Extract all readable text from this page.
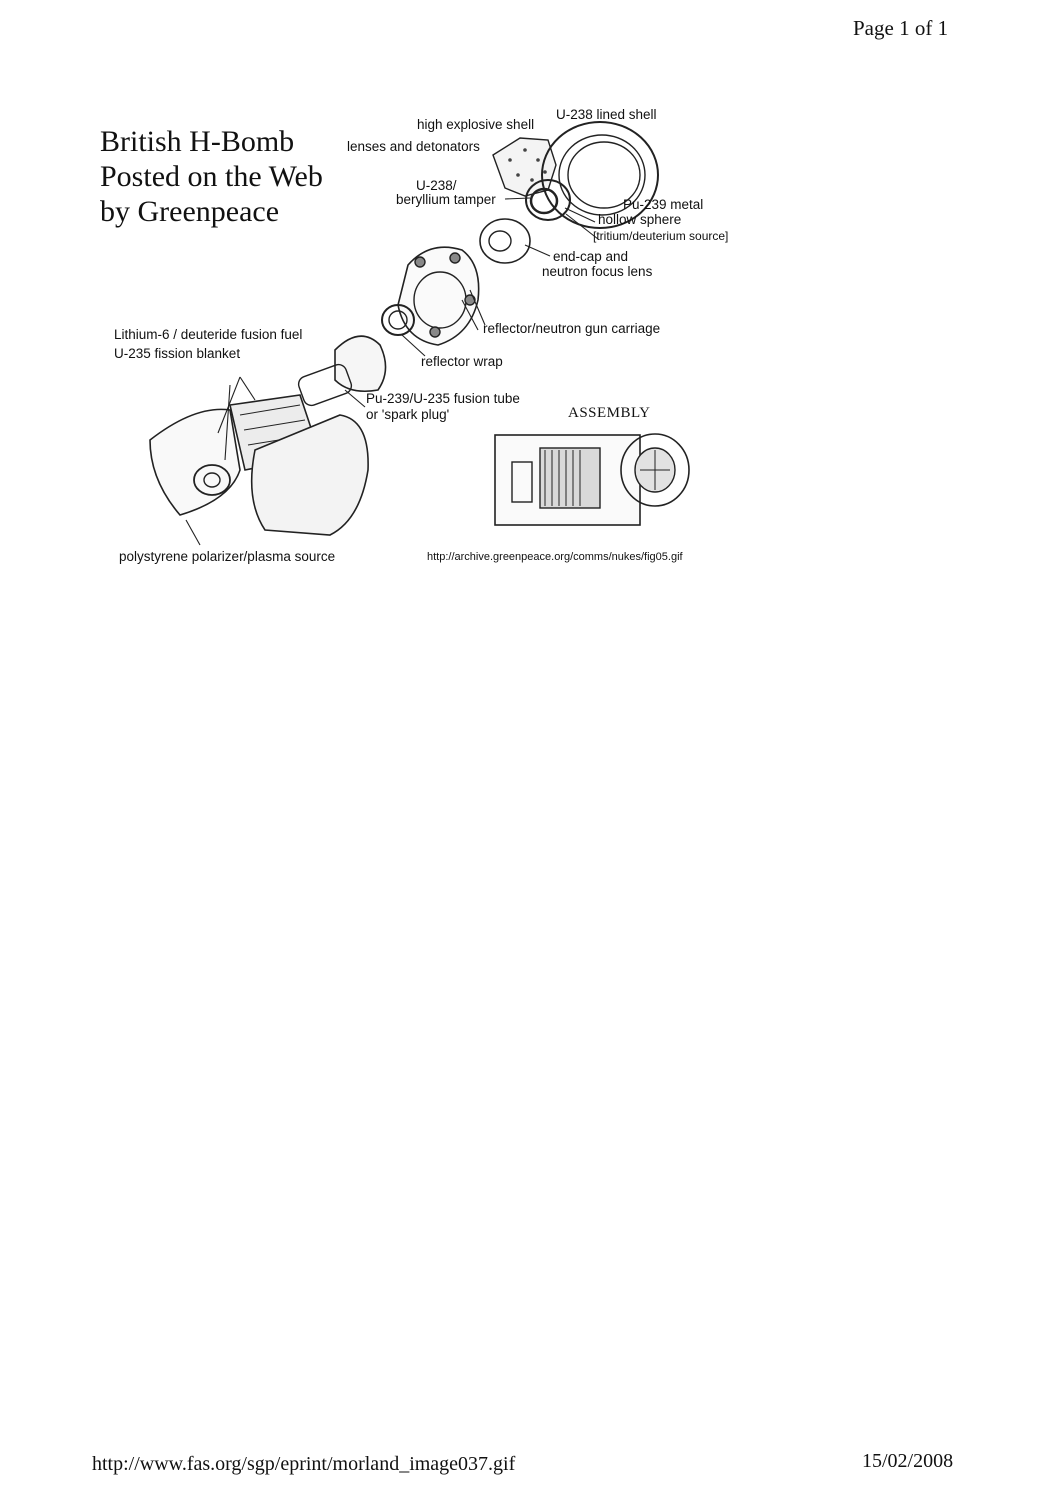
Page 1 of 1
British H-Bomb
Posted on the Web
by Greenpeace
high explosive shell
lenses and detonators
U-238 lined shell
U-238/
beryllium tamper	Pu-239 metal
hollow sphere
[tritium/deuterium source]
end-cap and
neutron focus lens
reflector/neutron gun carriage
reflector wrap
Lithium-6 / deuteride fusion fuel
U-235 fission blanket
Pu-239/U-235 fusion tube
or 'spark plug'	ASSEMBLY
polystyrene polarizer/plasma source	http://archive.greenpeace.org/comms/nukes/fig05.gif
http://www.fas.org/sgp/eprint/morland_image037.gif	15/02/2008
